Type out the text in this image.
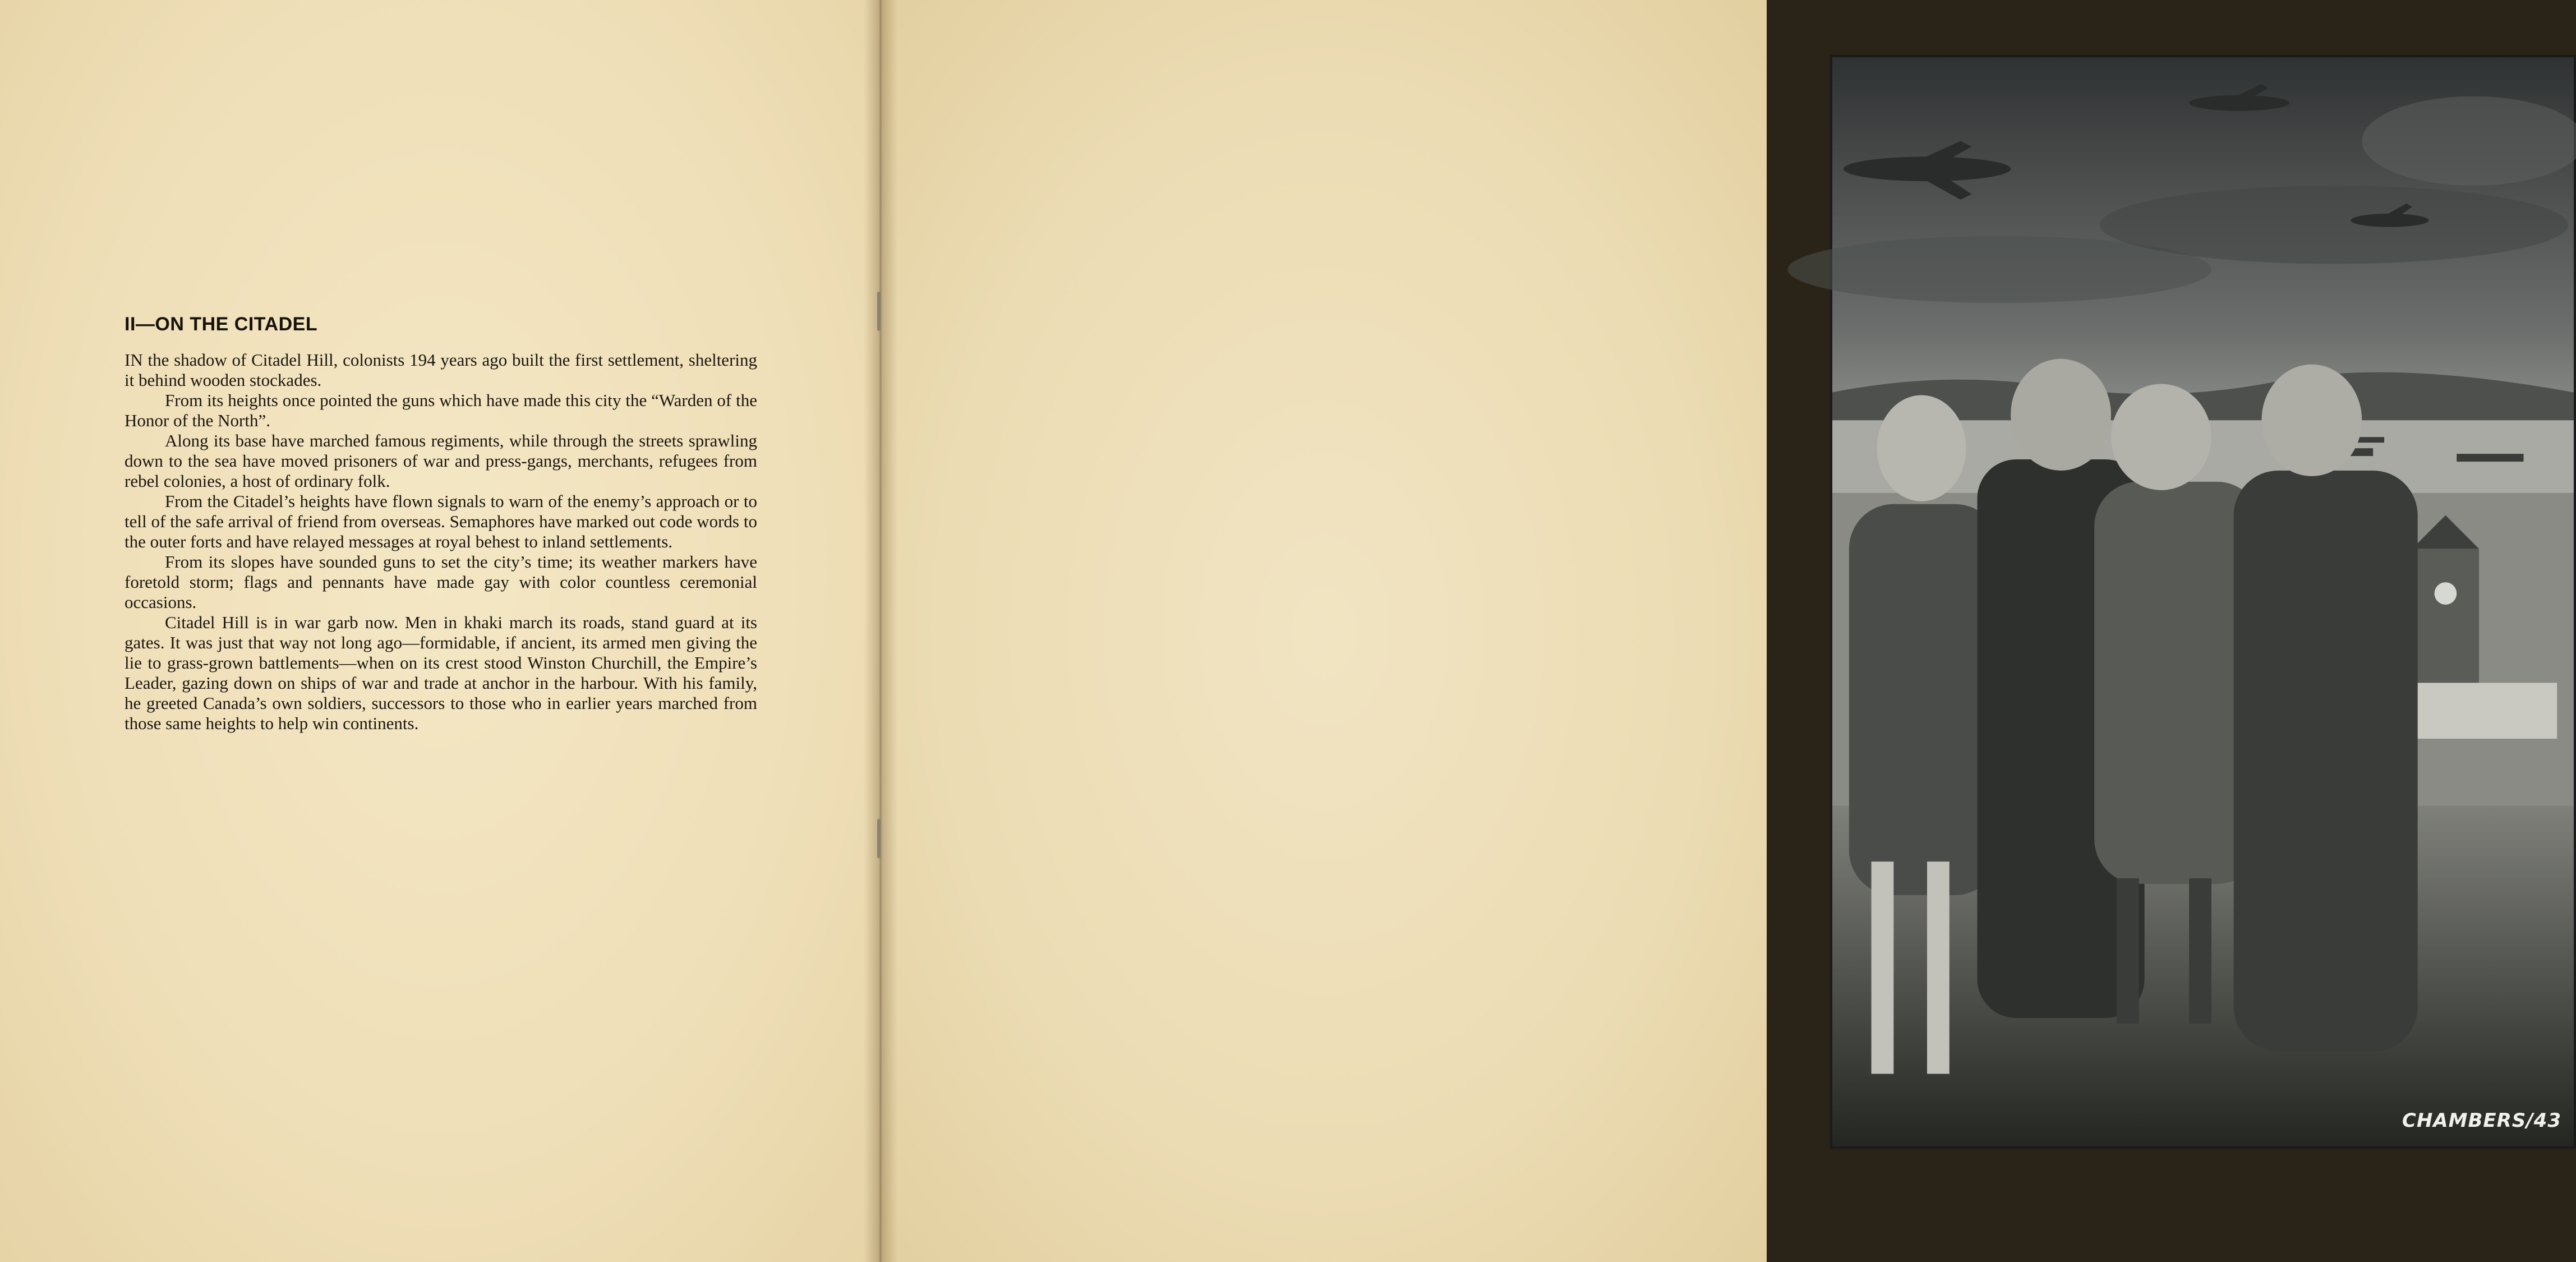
II—ON THE CITADEL

IN the shadow of Citadel Hill, colonists 194 years ago built the first settlement, sheltering it behind wooden stockades.

From its heights once pointed the guns which have made this city the “Warden of the Honor of the North”.

Along its base have marched famous regiments, while through the streets sprawling down to the sea have moved prisoners of war and press-gangs, merchants, refugees from rebel colonies, a host of ordinary folk.

From the Citadel’s heights have flown signals to warn of the enemy’s approach or to tell of the safe arrival of friend from overseas. Semaphores have marked out code words to the outer forts and have relayed messages at royal behest to inland settlements.

From its slopes have sounded guns to set the city’s time; its weather markers have foretold storm; flags and pennants have made gay with color countless ceremonial occasions.

Citadel Hill is in war garb now. Men in khaki march its roads, stand guard at its gates. It was just that way not long ago—formidable, if ancient, its armed men giving the lie to grass-grown battlements—when on its crest stood Winston Churchill, the Empire’s Leader, gazing down on ships of war and trade at anchor in the harbour. With his family, he greeted Canada’s own soldiers, successors to those who in earlier years marched from those same heights to help win continents.

CHAMBERS/43
